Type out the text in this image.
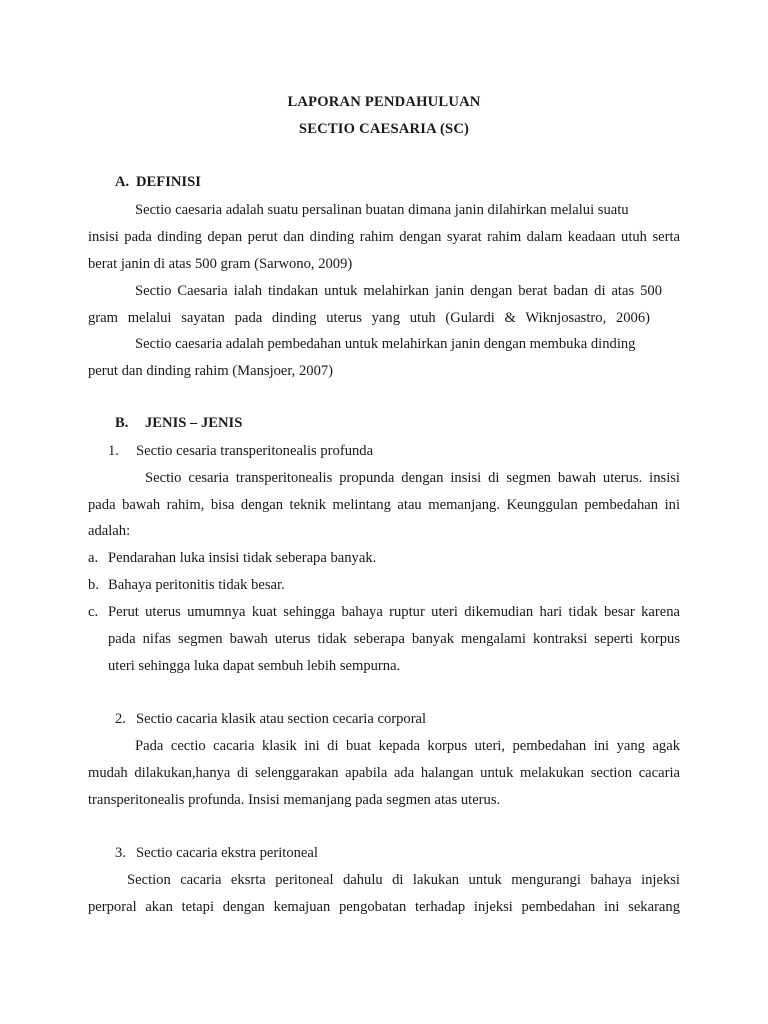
LAPORAN PENDAHULUAN
SECTIO CAESARIA (SC)
A. DEFINISI
Sectio caesaria adalah suatu persalinan buatan dimana janin dilahirkan melalui suatu
insisi pada dinding depan perut dan dinding rahim dengan syarat rahim dalam keadaan utuh serta
berat janin di atas 500 gram (Sarwono, 2009)
Sectio Caesaria ialah tindakan untuk melahirkan janin dengan berat badan di atas 500
gram melalui sayatan pada dinding uterus yang utuh (Gulardi & Wiknjosastro, 2006)
Sectio caesaria adalah pembedahan untuk melahirkan janin dengan membuka dinding
perut dan dinding rahim (Mansjoer, 2007)
B. JENIS – JENIS
1. Sectio cesaria transperitonealis profunda
Sectio cesaria transperitonealis propunda dengan insisi di segmen bawah uterus. insisi
pada bawah rahim, bisa dengan teknik melintang atau memanjang. Keunggulan pembedahan ini
adalah:
a. Pendarahan luka insisi tidak seberapa banyak.
b. Bahaya peritonitis tidak besar.
c. Perut uterus umumnya kuat sehingga bahaya ruptur uteri dikemudian hari tidak besar karena
pada nifas segmen bawah uterus tidak seberapa banyak mengalami kontraksi seperti korpus
uteri sehingga luka dapat sembuh lebih sempurna.
2. Sectio cacaria klasik atau section cecaria corporal
Pada cectio cacaria klasik ini di buat kepada korpus uteri, pembedahan ini yang agak
mudah dilakukan,hanya di selenggarakan apabila ada halangan untuk melakukan section cacaria
transperitonealis profunda. Insisi memanjang pada segmen atas uterus.
3. Sectio cacaria ekstra peritoneal
Section cacaria eksrta peritoneal dahulu di lakukan untuk mengurangi bahaya injeksi
perporal akan tetapi dengan kemajuan pengobatan terhadap injeksi pembedahan ini sekarang
